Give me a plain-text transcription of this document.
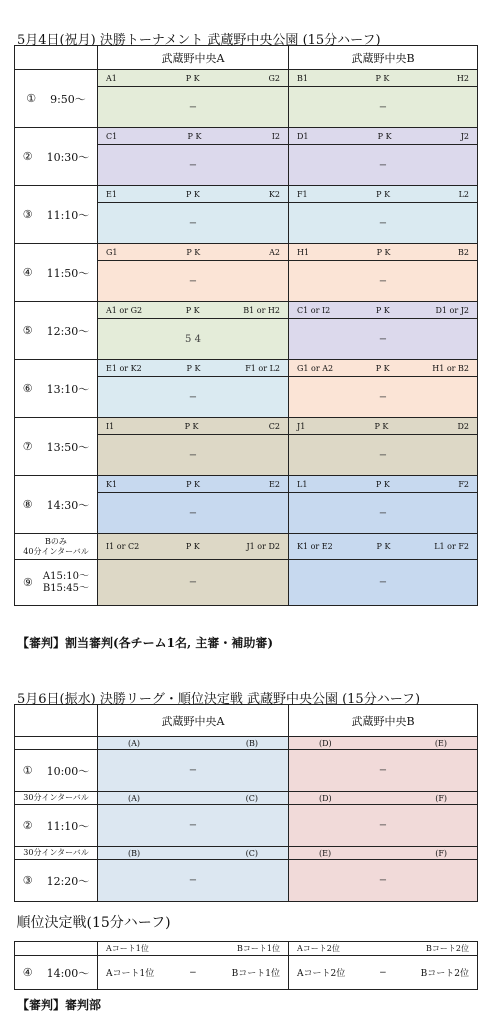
5月4日(祝月) 決勝トーナメント 武蔵野中央公園 (15分ハーフ)
	武蔵野中央A	武蔵野中央B

① 9:50～	A1 P K G2	B1 P K H2

	−	−

② 10:30～	C1 P K I2	D1 P K J2

	−	−

③ 11:10～	E1 P K K2	F1 P K L2

	−	−

④ 11:50～	G1 P K A2	H1 P K B2

	−	−

⑤ 12:30～	A1 or G2 P K B1 or H2	C1 or I2 P K D1 or J2

	5 4	−

⑥ 13:10～	E1 or K2 P K F1 or L2	G1 or A2 P K H1 or B2

	−	−

⑦ 13:50～	I1 P K C2	J1 P K D2

	−	−

⑧ 14:30～	K1 P K E2	L1 P K F2

	−	−
Bのみ
40分インターバル	I1 or C2 P K J1 or D2	K1 or E2 P K L1 or F2

⑨ A15:10～
B15:45～	−	−
【審判】割当審判(各チーム1名, 主審・補助審)
5月6日(振水) 決勝リーグ・順位決定戦 武蔵野中央公園 (15分ハーフ)
	武蔵野中央A	武蔵野中央B

	(A) (B)	(D) (E)

① 10:00～	−	−
30分インターバル	(A) (C)	(D) (F)

② 11:10～	−	−
30分インターバル	(B) (C)	(E) (F)

③ 12:20～	−	−
順位決定戦(15分ハーフ)		

	Aコート1位 Bコート1位	Aコート2位 Bコート2位

④ 14:00～	Aコート1位 − Bコート1位	Aコート2位 − Bコート2位
【審判】審判部
